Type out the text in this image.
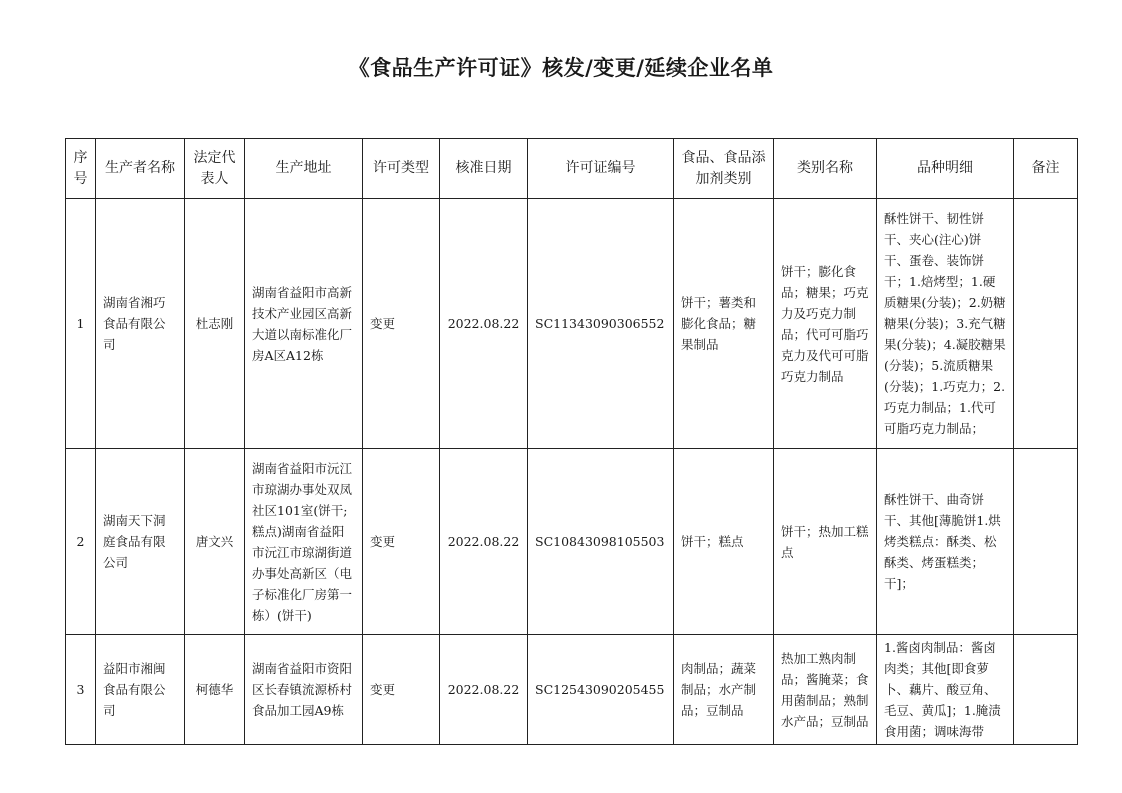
《食品生产许可证》核发/变更/延续企业名单
序号	生产者名称	法定代表人	生产地址	许可类型	核准日期	许可证编号	食品、食品添加剂类别	类别名称	品种明细	备注
1	湖南省湘巧食品有限公司	杜志刚	湖南省益阳市高新技术产业园区高新大道以南标准化厂房A区A12栋	变更	2022.08.22	SC11343090306552	饼干；薯类和膨化食品；糖果制品	饼干；膨化食品；糖果；巧克力及巧克力制品；代可可脂巧克力及代可可脂巧克力制品	酥性饼干、韧性饼干、夹心(注心)饼干、蛋卷、装饰饼干；1.焙烤型；1.硬质糖果(分装)；2.奶糖糖果(分装)；3.充气糖果(分装)；4.凝胶糖果(分装)；5.流质糖果(分装)；1.巧克力；2.巧克力制品；1.代可可脂巧克力制品；	
2	湖南天下洞庭食品有限公司	唐文兴	湖南省益阳市沅江市琼湖办事处双凤社区101室(饼干;糕点)湖南省益阳市沅江市琼湖街道办事处高新区（电子标准化厂房第一栋）(饼干)	变更	2022.08.22	SC10843098105503	饼干；糕点	饼干；热加工糕点	酥性饼干、曲奇饼干、其他[薄脆饼1.烘烤类糕点：酥类、松酥类、烤蛋糕类；干]；	
3	益阳市湘闽食品有限公司	柯德华	湖南省益阳市资阳区长春镇流源桥村食品加工园A9栋	变更	2022.08.22	SC12543090205455	肉制品；蔬菜制品；水产制品；豆制品	热加工熟肉制品；酱腌菜；食用菌制品；熟制水产品；豆制品	1.酱卤肉制品：酱卤肉类；其他[即食萝卜、藕片、酸豆角、毛豆、黄瓜]；1.腌渍食用菌；调味海带	
